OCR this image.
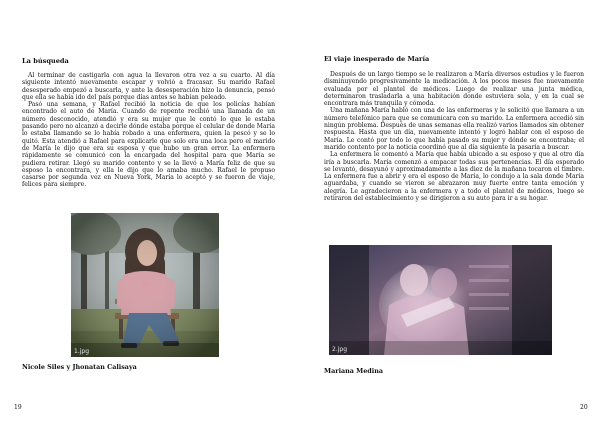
La búsqueda

Al terminar de castigarla con agua la llevaron otra vez a su cuarto. Al día siguiente intentó nuevamente escapar y volvió a fracasar. Su marido Rafael desesperado empezó a buscarla, y ante la desesperación hizo la denuncia, pensó que ella se había ido del país porque días antes se habían peleado.

Pasó una semana, y Rafael recibió la noticia de que los policías habían encontrado el auto de María. Cuando de repente recibió una llamada de un número desconocido, atendió y era su mujer que le contó lo que le estaba pasando pero no alcanzó a decirle dónde estaba porque el celular de donde María lo estaba llamando se lo había robado a una enfermera, quien la pescó y se lo quitó. Esta atendió a Rafael para explicarle que solo era una loca pero el marido de María le dijo que era su esposa y que hubo un gran error. La enfermera rápidamente se comunicó con la encargada del hospital para que María se pudiera retirar. Llegó su marido contento y se la llevó a María feliz de que su esposo la encontrara, y ella le dijo que lo amaba mucho. Rafael le propuso casarse por segunda vez en Nueva York, María lo aceptó y se fueron de viaje, felices para siempre.

1.jpg
Nicole Siles y Jhonatan Calisaya
19
El viaje inesperado de María

Después de un largo tiempo se le realizaron a María diversos estudios y le fueron disminuyendo progresivamente la medicación. A los pocos meses fue nuevamente evaluada por el plantel de médicos. Luego de realizar una junta médica, determinaron trasladarla a una habitación donde estuviera sola, y en la cual se encontrara más tranquila y cómoda.

Una mañana María habló con una de las enfermeras y le solicitó que llamara a un número telefónico para que se comunicara con su marido. La enfermera accedió sin ningún problema. Después de unas semanas ella realizó varios llamados sin obtener respuesta. Hasta que un día, nuevamente intentó y logró hablar con el esposo de María. Le contó por todo lo que había pasado su mujer y dónde se encontraba; el marido contento por la noticia coordinó que al día siguiente la pasaría a buscar.

La enfermera le comentó a María que había ubicado a su esposo y que al otro día iría a buscarla. María comenzó a empacar todas sus pertenencias. El día esperado se levantó, desayunó y aproximadamente a las diez de la mañana tocaron el timbre. La enfermera fue a abrir y era el esposo de María, lo condujo a la sala donde María aguardaba, y cuando se vieron se abrazaron muy fuerte entre tanta emoción y alegría. Le agradecieron a la enfermera y a todo el plantel de médicos, luego se retiraron del establecimiento y se dirigieron a su auto para ir a su hogar.

2.jpg
Mariana Medina
20
